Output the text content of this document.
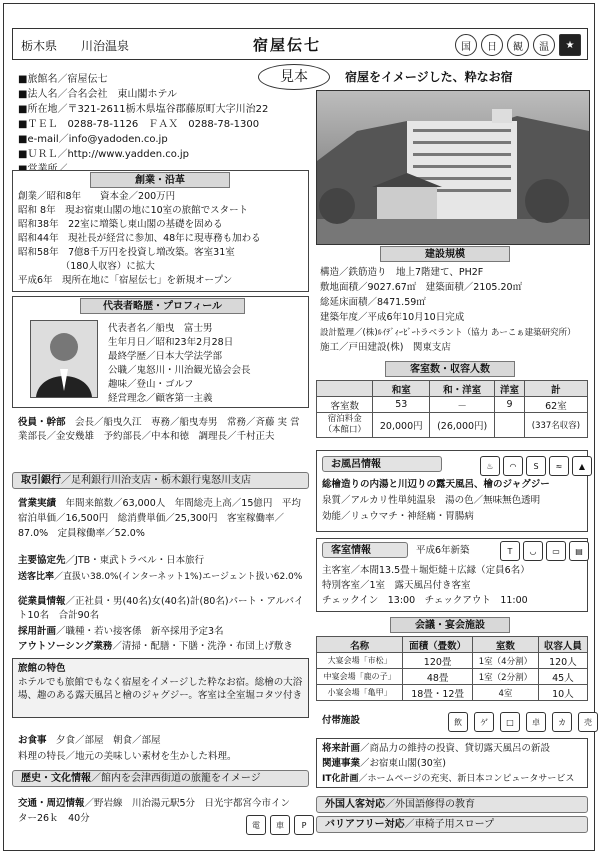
栃木県　　 川治温泉	宿屋伝七	国	日	観	温	★
見本	宿屋をイメージした、粋なお宿
■旅館名／宿屋伝七
■法人名／合名会社　東山閣ホテル
■所在地／〒321-2611栃木県塩谷郡藤原町大字川治22
■ＴＥＬ　0288-78-1126　ＦＡＸ　0288-78-1300
■e-mail／info@yadoden.co.jp
■ＵＲＬ／http://www.yadden.co.jp
創業・沿革
創業／昭和8年　　資本金／200万円
昭和 8年　現お宿東山閣の地に10室の旅館でスタート
昭和38年　22室に増築し東山閣の基礎を固める
昭和44年　現社長が経営に参加、48年に現専務も加わる
昭和58年　7億8千万円を投資し増改築。客室31室
　　　　　（180人収容）に拡大
平成6年　現所在地に「宿屋伝七」を新規オープン
建設規模
構造／鉄筋造り　地上7階建て、PH2F
敷地面積／9027.67㎡　建築面積／2105.20㎡
総延床面積／8471.59㎡
建築年度／平成6年10月10日完成
設計監理／(株)ﾙｲﾃﾞｨｰﾋﾞｰﾄラベラント（協力 あーこぁ建築研究所）
施工／戸田建設(株)　関東支店
代表者略歴・プロフィール
代表者名／船曳　富士男
生年月日／昭和23年2月28日
最終学歴／日本大学法学部
公職／鬼怒川・川治観光協会会長
趣味／登山・ゴルフ
経営理念／顧客第一主義
役員・幹部　 会長／船曳久江　専務／船曳寿男　常務／斉藤 実 営業部長／金安幾雄　予約部長／中本和徳　調理長／千村正夫
客室数・収容人数
	和室	和・洋室	洋室	計
客室数	53	－	9	62室
宿泊料金
（本館口）	20,000円	(26,000円)		(337名収容)
取引銀行／足利銀行川治支店・栃木銀行鬼怒川支店
お風呂情報	♨	◠	S	≈	▲
総檜造りの内湯と川辺りの露天風呂、檜のジャグジー
泉質／アルカリ性単純温泉　湯の色／無味無色透明
効能／リュウマチ・神経痛・胃腸病
営業実績　 年間来館数／63,000人　年間総売上高／15億円　平均宿泊単価／16,500円　総消費単価／25,300円　客室稼働率／87.0%　定員稼働率／52.0%
客室情報	平成6年新築	T	◡	▭	▤
主客室／本間13.5畳＋堀炬燵＋広縁（定員6名）
特別客室／1室　露天風呂付き客室
チェックイン　13:00　チェックアウト　11:00
主要協定先／JTB・東武トラベル・日本旅行
送客比率／直扱い38.0%(インターネット1%)エージェント扱い62.0%
会議・宴会施設
名称	面積（畳数）	室数	収容人員
大宴会場「市松」	120畳	1室（4分割）	120人
中宴会場「鹿の子」	48畳	1室（2分割）	45人
小宴会場「亀甲」	18畳・12畳	4室	10人
従業員情報／正社員・男(40名)女(40名)計(80名)パート・アルバイト10名　合計90名
採用計画／職種・若い接客係　新卒採用予定3名
アウトソーシング業務／清掃・配膳・下膳・洗浄・布団上げ敷き
旅館の特色
ホテルでも旅館でもなく宿屋をイメージした粋なお宿。総檜の大浴場、趣のある露天風呂と檜のジャグジー。客室は全室堀コタツ付き
付帯施設	飲	ゲ	□	卓	カ	売
将来計画／商品力の維持の投資、貸切露天風呂の新設
関連事業／お宿東山閣(30室)
IT化計画／ホームページの充実、新日本コンピュータサービス
お食事　 夕食／部屋　朝食／部屋
料理の特長／地元の美味しい素材を生かした料理。
歴史・文化情報／館内を会津西街道の旅籠をイメージ
外国人客対応／外国語修得の教育
バリアフリー対応／車椅子用スロープ
交通・周辺情報／野岩線　川治湯元駅5分　日光宇都宮今市インター26ｋ　40分
電	車	P
